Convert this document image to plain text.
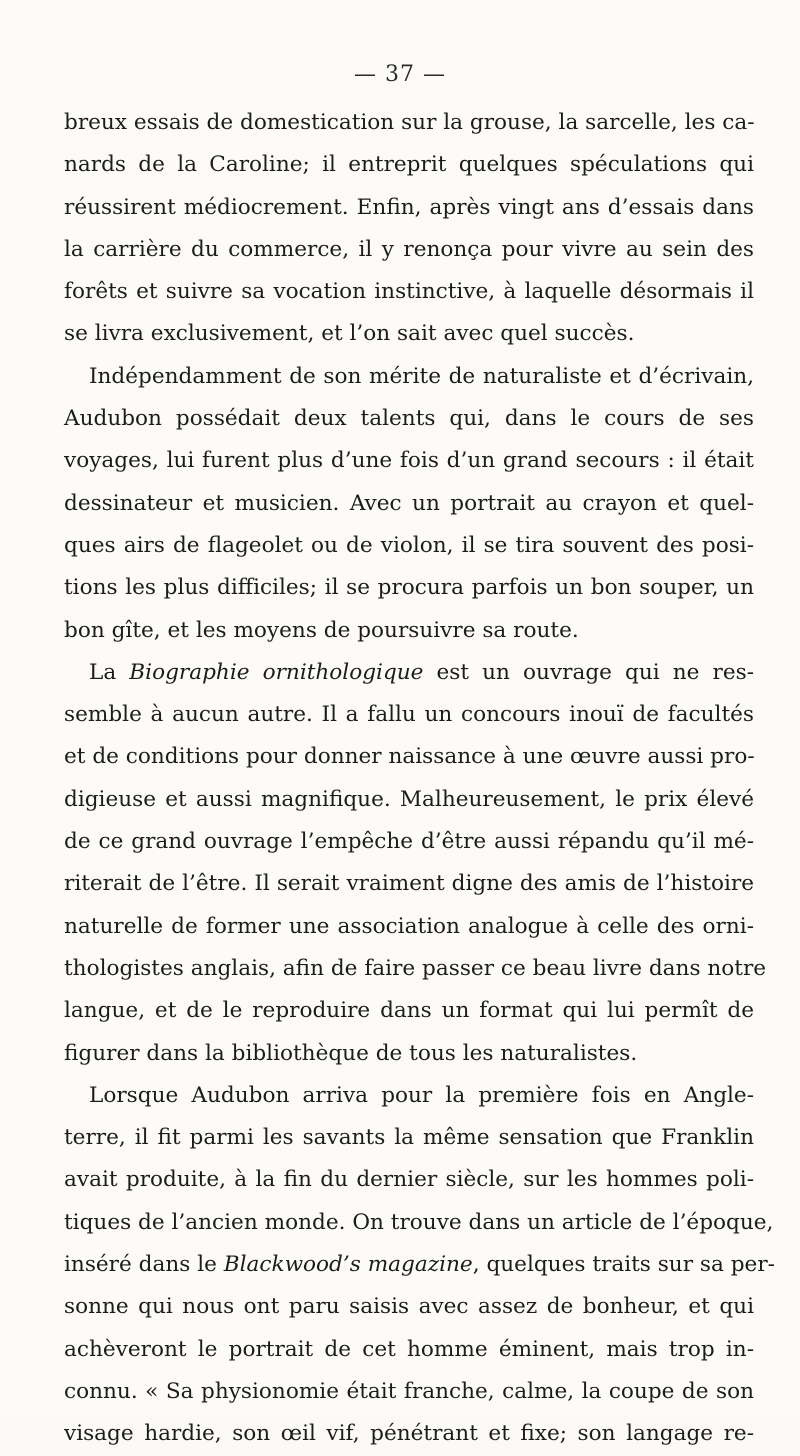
— 37 —
breux essais de domestication sur la grouse, la sarcelle, les ca-
nards de la Caroline; il entreprit quelques spéculations qui
réussirent médiocrement. Enfin, après vingt ans d’essais dans
la carrière du commerce, il y renonça pour vivre au sein des
forêts et suivre sa vocation instinctive, à laquelle désormais il
se livra exclusivement, et l’on sait avec quel succès.
Indépendamment de son mérite de naturaliste et d’écrivain,
Audubon possédait deux talents qui, dans le cours de ses
voyages, lui furent plus d’une fois d’un grand secours : il était
dessinateur et musicien. Avec un portrait au crayon et quel-
ques airs de flageolet ou de violon, il se tira souvent des posi-
tions les plus difficiles; il se procura parfois un bon souper, un
bon gîte, et les moyens de poursuivre sa route.
La Biographie ornithologique est un ouvrage qui ne res-
semble à aucun autre. Il a fallu un concours inouï de facultés
et de conditions pour donner naissance à une œuvre aussi pro-
digieuse et aussi magnifique. Malheureusement, le prix élevé
de ce grand ouvrage l’empêche d’être aussi répandu qu’il mé-
riterait de l’être. Il serait vraiment digne des amis de l’histoire
naturelle de former une association analogue à celle des orni-
thologistes anglais, afin de faire passer ce beau livre dans notre
langue, et de le reproduire dans un format qui lui permît de
figurer dans la bibliothèque de tous les naturalistes.
Lorsque Audubon arriva pour la première fois en Angle-
terre, il fit parmi les savants la même sensation que Franklin
avait produite, à la fin du dernier siècle, sur les hommes poli-
tiques de l’ancien monde. On trouve dans un article de l’époque,
inséré dans le Blackwood’s magazine, quelques traits sur sa per-
sonne qui nous ont paru saisis avec assez de bonheur, et qui
achèveront le portrait de cet homme éminent, mais trop in-
connu. « Sa physionomie était franche, calme, la coupe de son
visage hardie, son œil vif, pénétrant et fixe; son langage re-
